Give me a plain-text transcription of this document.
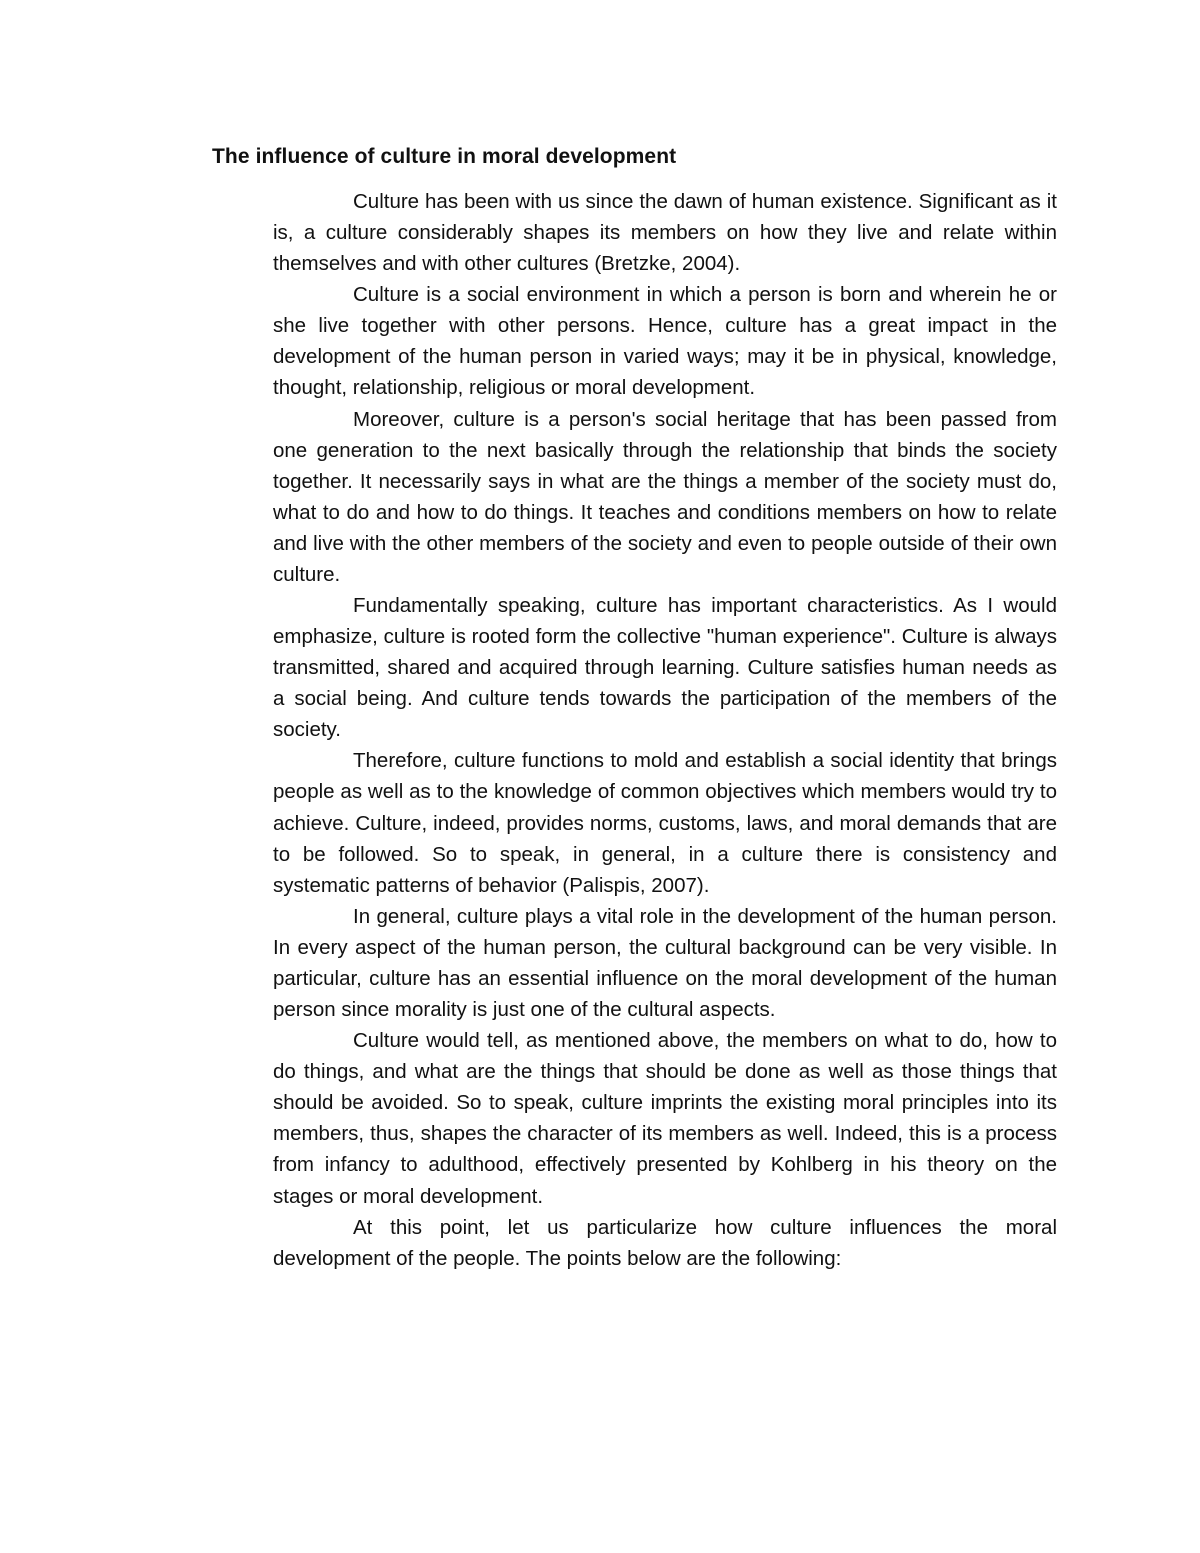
The influence of culture in moral development

Culture has been with us since the dawn of human existence. Significant as it is, a culture considerably shapes its members on how they live and relate within themselves and with other cultures (Bretzke, 2004).

Culture is a social environment in which a person is born and wherein he or she live together with other persons. Hence, culture has a great impact in the development of the human person in varied ways; may it be in physical, knowledge, thought, relationship, religious or moral development.

Moreover, culture is a person's social heritage that has been passed from one generation to the next basically through the relationship that binds the society together. It necessarily says in what are the things a member of the society must do, what to do and how to do things. It teaches and conditions members on how to relate and live with the other members of the society and even to people outside of their own culture.

Fundamentally speaking, culture has important characteristics. As I would emphasize, culture is rooted form the collective "human experience". Culture is always transmitted, shared and acquired through learning. Culture satisfies human needs as a social being. And culture tends towards the participation of the members of the society.

Therefore, culture functions to mold and establish a social identity that brings people as well as to the knowledge of common objectives which members would try to achieve. Culture, indeed, provides norms, customs, laws, and moral demands that are to be followed. So to speak, in general, in a culture there is consistency and systematic patterns of behavior (Palispis, 2007).

In general, culture plays a vital role in the development of the human person. In every aspect of the human person, the cultural background can be very visible. In particular, culture has an essential influence on the moral development of the human person since morality is just one of the cultural aspects.

Culture would tell, as mentioned above, the members on what to do, how to do things, and what are the things that should be done as well as those things that should be avoided. So to speak, culture imprints the existing moral principles into its members, thus, shapes the character of its members as well. Indeed, this is a process from infancy to adulthood, effectively presented by Kohlberg in his theory on the stages or moral development.

At this point, let us particularize how culture influences the moral development of the people. The points below are the following:
